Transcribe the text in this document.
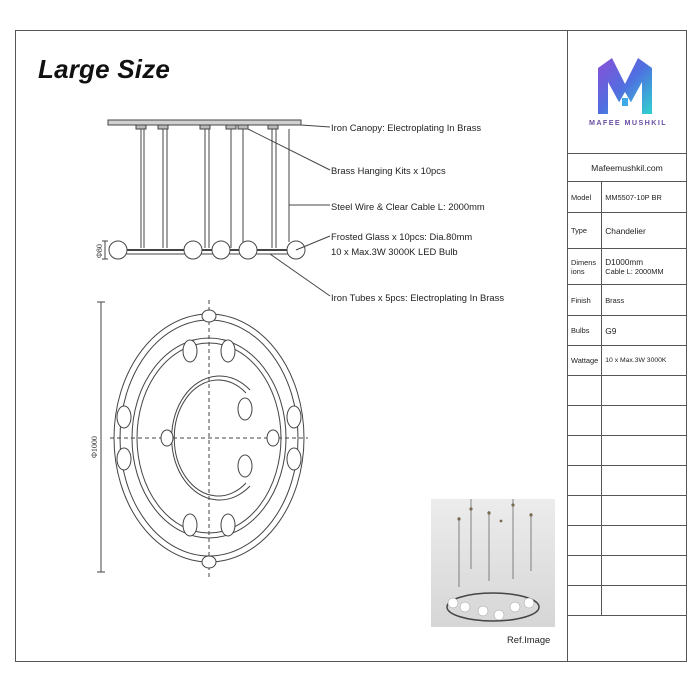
Large Size
Iron Canopy: Electroplating In Brass
Brass Hanging Kits x 10pcs
Steel Wire & Clear Cable L: 2000mm
Frosted Glass x 10pcs: Dia.80mm
10 x Max.3W 3000K LED Bulb
Iron Tubes x 5pcs: Electroplating In Brass
Φ80
Φ1000
MAFEE MUSHKIL
Mafeemushkil.com	
Model	MM5507-10P BR
Type	Chandelier
Dimens ions	D1000mm
Cable L: 2000MM

Finish	Brass
Bulbs	G9
Wattage	10 x Max.3W 3000K

Ref.Image
